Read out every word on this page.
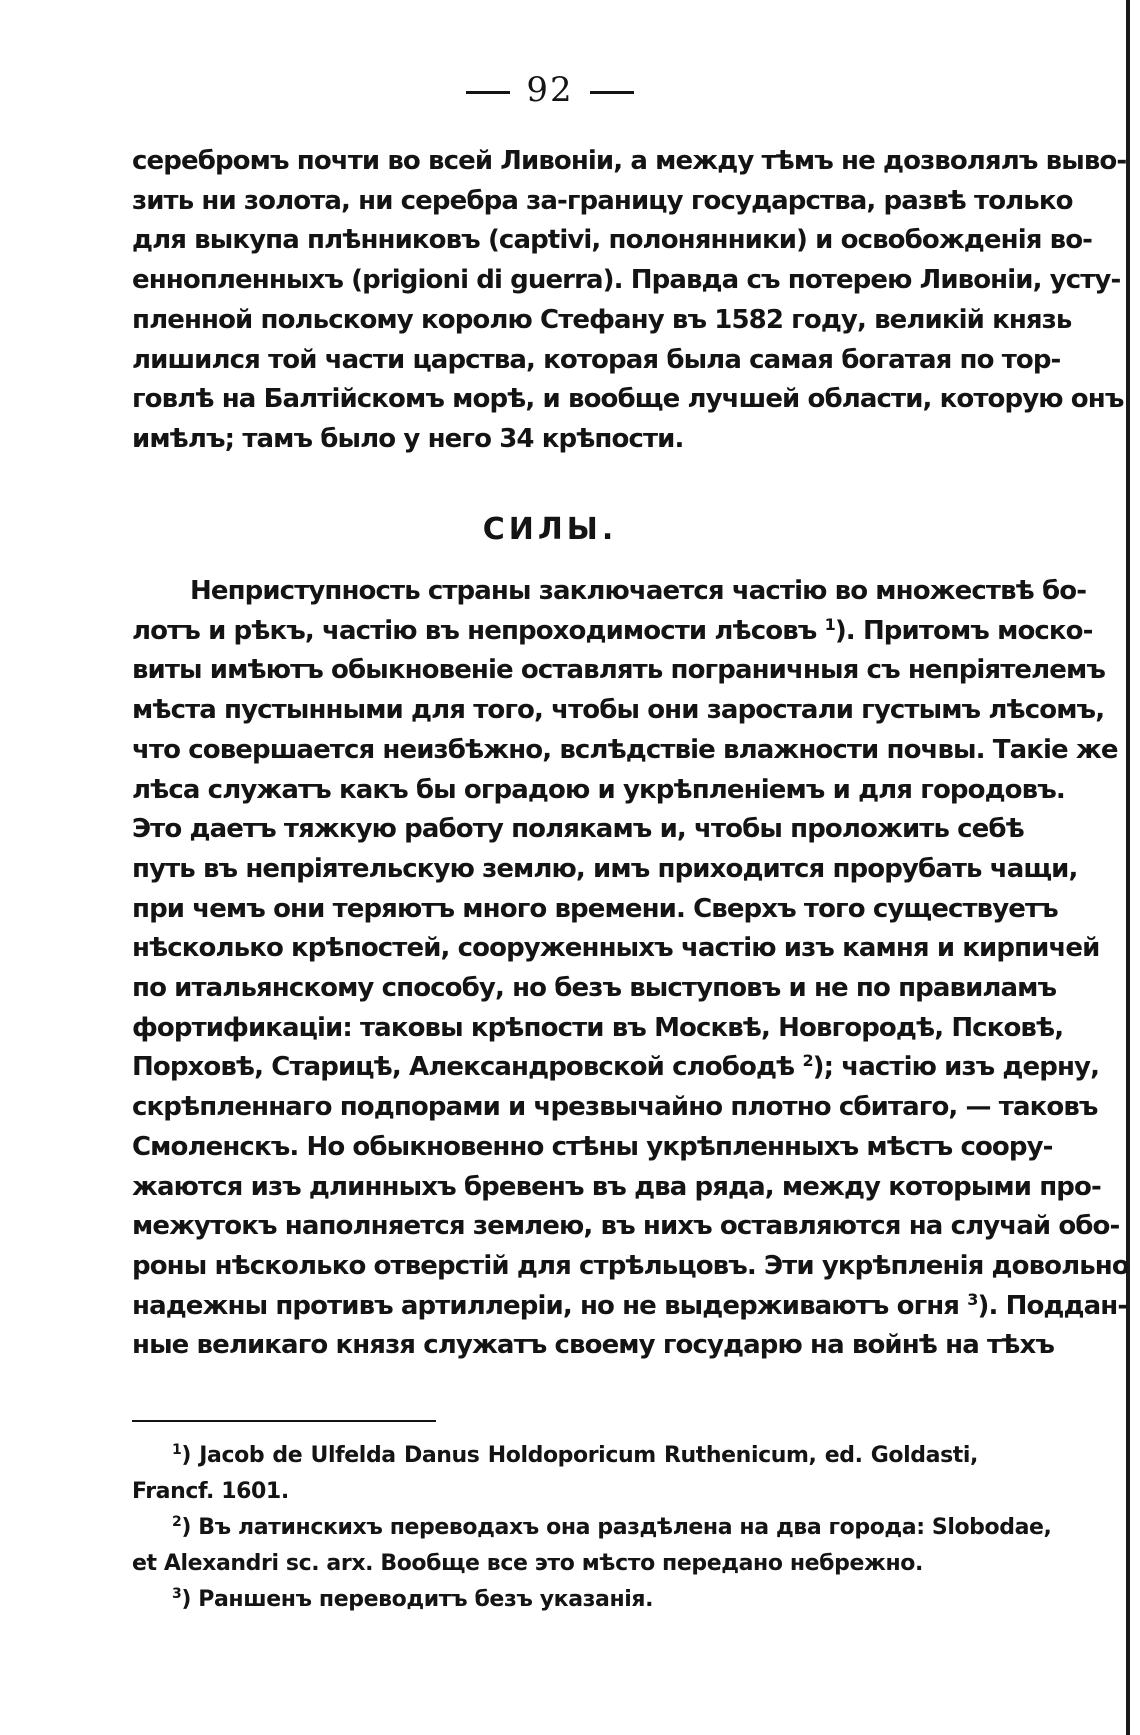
92
серебромъ почти во всей Ливоніи, а между тѣмъ не дозволялъ выво-
зить ни золота, ни серебра за-границу государства, развѣ только
для выкупа плѣнниковъ (captivi, полонянники) и освобожденія во-
еннопленныхъ (prigioni di guerra). Правда съ потерею Ливоніи, усту-
пленной польскому королю Стефану въ 1582 году, великій князь
лишился той части царства, которая была самая богатая по тор-
говлѣ на Балтійскомъ морѣ, и вообще лучшей области, которую онъ
имѣлъ; тамъ было у него 34 крѣпости.
СИЛЫ.
Неприступность страны заключается частію во множествѣ бо-
лотъ и рѣкъ, частію въ непроходимости лѣсовъ $^1$). Притомъ моско-
виты имѣютъ обыкновеніе оставлять пограничныя съ непріятелемъ
мѣста пустынными для того, чтобы они заростали густымъ лѣсомъ,
что совершается неизбѣжно, вслѣдствіе влажности почвы. Такіе же
лѣса служатъ какъ бы оградою и укрѣпленіемъ и для городовъ.
Это даетъ тяжкую работу полякамъ и, чтобы проложить себѣ
путь въ непріятельскую землю, имъ приходится прорубать чащи,
при чемъ они теряютъ много времени. Сверхъ того существуетъ
нѣсколько крѣпостей, сооруженныхъ частію изъ камня и кирпичей
по итальянскому способу, но безъ выступовъ и не по правиламъ
фортификаціи: таковы крѣпости въ Москвѣ, Новгородѣ, Псковѣ,
Порховѣ, Старицѣ, Александровской слободѣ $^2$); частію изъ дерну,
скрѣпленнаго подпорами и чрезвычайно плотно сбитаго, — таковъ
Смоленскъ. Но обыкновенно стѣны укрѣпленныхъ мѣстъ соору-
жаются изъ длинныхъ бревенъ въ два ряда, между которыми про-
межутокъ наполняется землею, въ нихъ оставляются на случай обо-
роны нѣсколько отверстій для стрѣльцовъ. Эти укрѣпленія довольно
надежны противъ артиллеріи, но не выдерживаютъ огня $^3$). Поддан-
ные великаго князя служатъ своему государю на войнѣ на тѣхъ
$^1$) Jacob de Ulfelda Danus Holdoporicum Ruthenicum, ed. Goldasti,
Francf. 1601.
$^2$) Въ латинскихъ переводахъ она раздѣлена на два города: Slobodae,
et Alexandri sc. arx. Вообще все это мѣсто передано небрежно.
$^3$) Раншенъ переводитъ безъ указанія.
